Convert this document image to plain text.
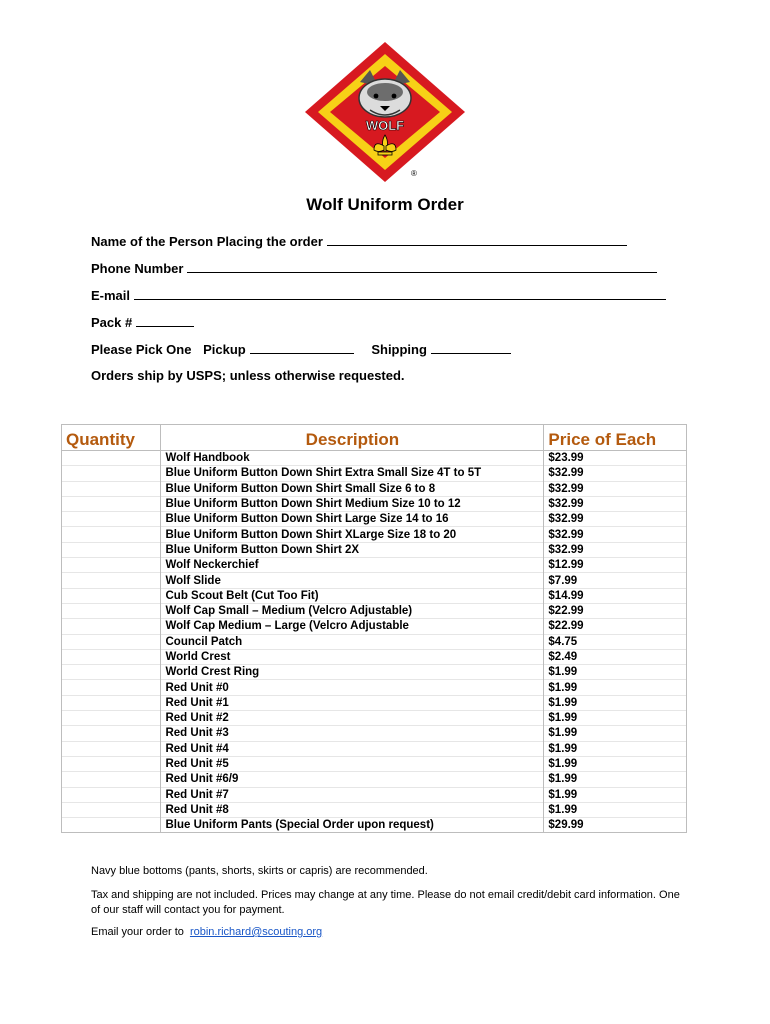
WOLF
®
Wolf Uniform Order
Name of the Person Placing the order
Phone Number
E-mail
Pack #
Please Pick One Pickup	Shipping
Orders ship by USPS; unless otherwise requested.
Quantity	Description	Price of Each
	Wolf Handbook	$23.99
	Blue Uniform Button Down Shirt Extra Small Size 4T to 5T	$32.99
	Blue Uniform Button Down Shirt Small Size 6 to 8	$32.99
	Blue Uniform Button Down Shirt Medium Size 10 to 12	$32.99
	Blue Uniform Button Down Shirt Large Size 14 to 16	$32.99
	Blue Uniform Button Down Shirt XLarge Size 18 to 20	$32.99
	Blue Uniform Button Down Shirt 2X	$32.99
	Wolf Neckerchief	$12.99
	Wolf Slide	$7.99
	Cub Scout Belt (Cut Too Fit)	$14.99
	Wolf Cap Small – Medium (Velcro Adjustable)	$22.99
	Wolf Cap Medium – Large (Velcro Adjustable	$22.99
	Council Patch	$4.75
	World Crest	$2.49
	World Crest Ring	$1.99
	Red Unit #0	$1.99
	Red Unit #1	$1.99
	Red Unit #2	$1.99
	Red Unit #3	$1.99
	Red Unit #4	$1.99
	Red Unit #5	$1.99
	Red Unit #6/9	$1.99
	Red Unit #7	$1.99
	Red Unit #8	$1.99
	Blue Uniform Pants (Special Order upon request)	$29.99
Navy blue bottoms (pants, shorts, skirts or capris) are recommended.
Tax and shipping are not included. Prices may change at any time. Please do not email credit/debit card information. One of our staff will contact you for payment.
Email your order to robin.richard@scouting.org
